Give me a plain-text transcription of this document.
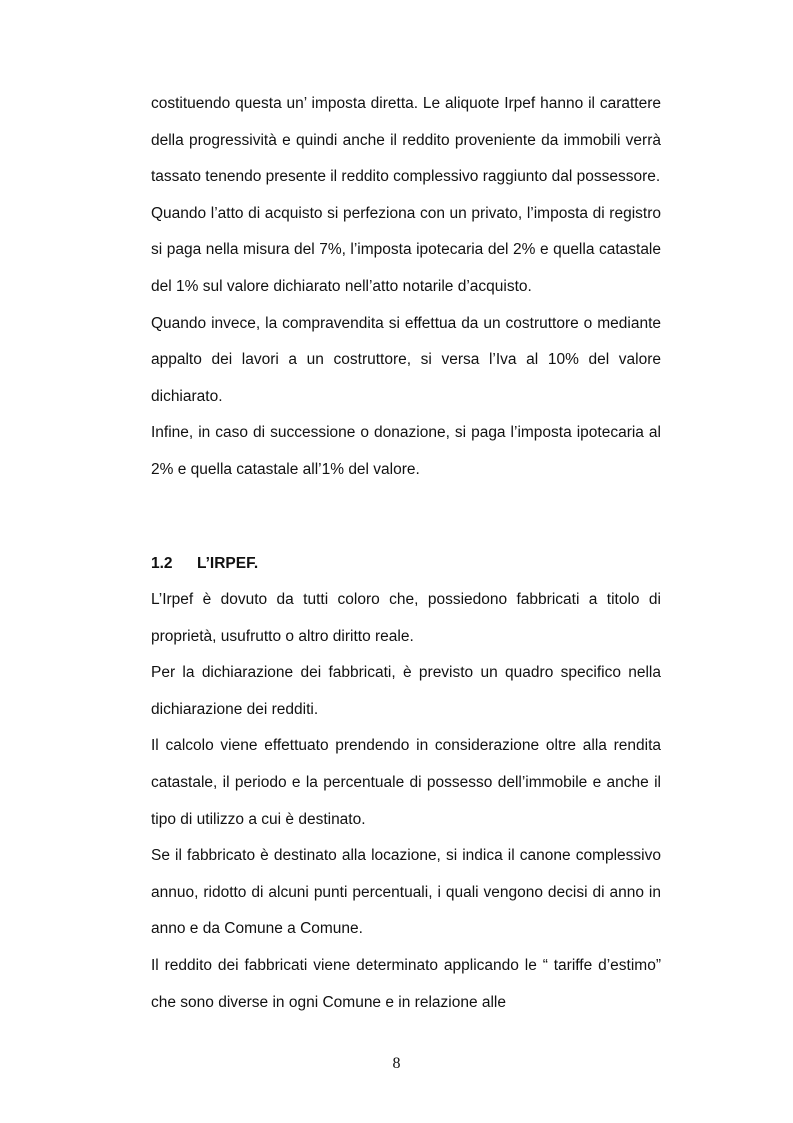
costituendo questa un’ imposta diretta. Le aliquote Irpef hanno il carattere della progressività e quindi anche il reddito proveniente da immobili verrà tassato tenendo presente il reddito complessivo raggiunto dal possessore.

Quando l’atto di acquisto si perfeziona con un privato, l’imposta di registro si paga nella misura del 7%, l’imposta ipotecaria del 2% e quella catastale del 1% sul valore dichiarato nell’atto notarile d’acquisto.

Quando invece, la compravendita si effettua da un costruttore o mediante appalto dei lavori a un costruttore, si versa l’Iva al 10% del valore dichiarato.

Infine, in caso di successione o donazione, si paga l’imposta ipotecaria al 2% e quella catastale all’1% del valore.

1.2	L’IRPEF.

L’Irpef è dovuto da tutti coloro che, possiedono fabbricati a titolo di proprietà, usufrutto o altro diritto reale.

Per la dichiarazione dei fabbricati, è previsto un quadro specifico nella dichiarazione dei redditi.

Il calcolo viene effettuato prendendo in considerazione oltre alla rendita catastale, il periodo e la percentuale di possesso dell’immobile e anche il tipo di utilizzo a cui è destinato.

Se il fabbricato è destinato alla locazione, si indica il canone complessivo annuo, ridotto di alcuni punti percentuali, i quali vengono decisi di anno in anno e da Comune a Comune.

Il reddito dei fabbricati viene determinato applicando le “ tariffe d’estimo” che sono diverse in ogni Comune e in relazione alle

8
